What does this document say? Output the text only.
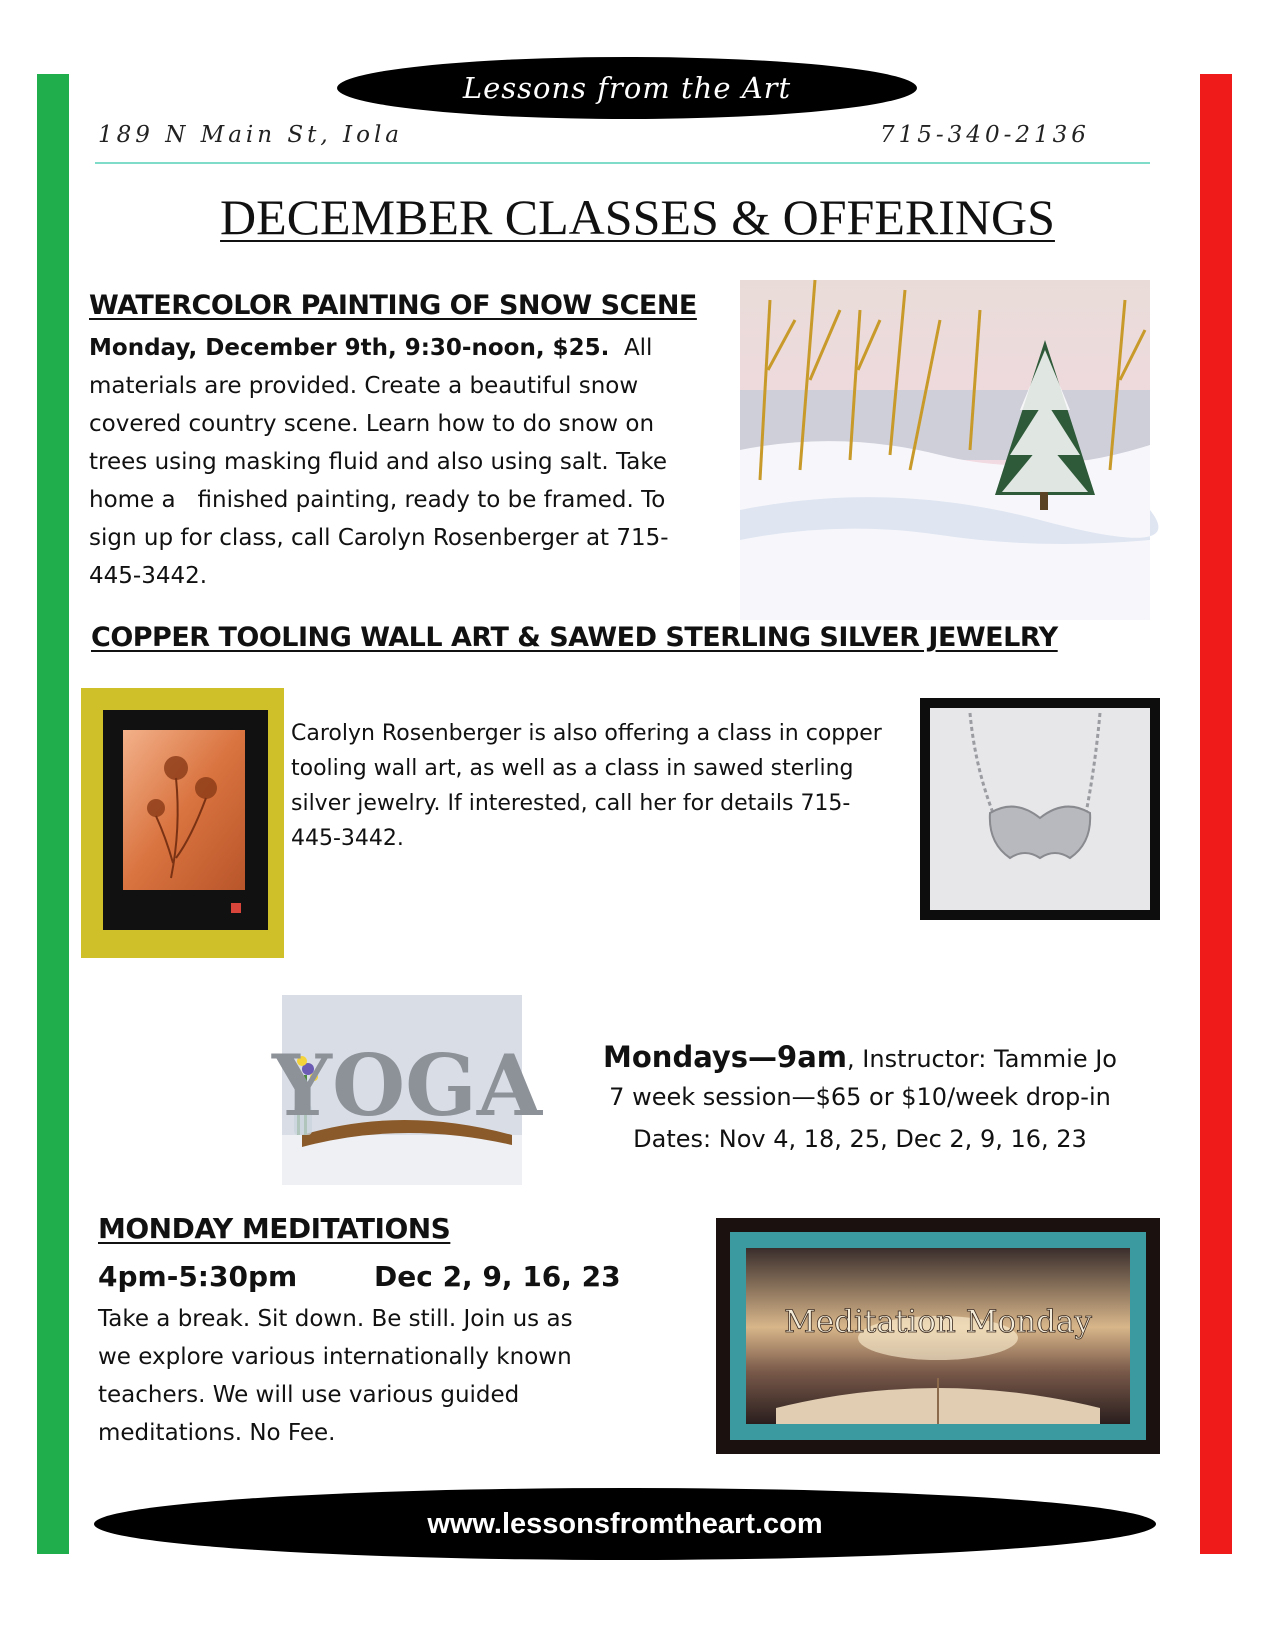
Lessons from the Art
189 N Main St, Iola	715-340-2136
DECEMBER CLASSES & OFFERINGS
WATERCOLOR PAINTING OF SNOW SCENE
Monday, December 9th, 9:30-noon, $25. All
materials are provided. Create a beautiful snow
covered country scene. Learn how to do snow on
trees using masking fluid and also using salt. Take
home a   finished painting, ready to be framed. To
sign up for class, call Carolyn Rosenberger at 715-
445-3442.
COPPER TOOLING WALL ART & SAWED STERLING SILVER JEWELRY
Carolyn Rosenberger is also offering a class in copper
tooling wall art, as well as a class in sawed sterling
silver jewelry. If interested, call her for details 715-
445-3442.
YOGA	Mondays—9am, Instructor: Tammie Jo
7 week session—$65 or $10/week drop-in
Dates: Nov 4, 18, 25, Dec 2, 9, 16, 23
MONDAY MEDITATIONS
4pm-5:30pm	Dec 2, 9, 16, 23
Take a break. Sit down. Be still. Join us as
we explore various internationally known
teachers. We will use various guided
meditations. No Fee.
Meditation Monday
www.lessonsfromtheart.com
